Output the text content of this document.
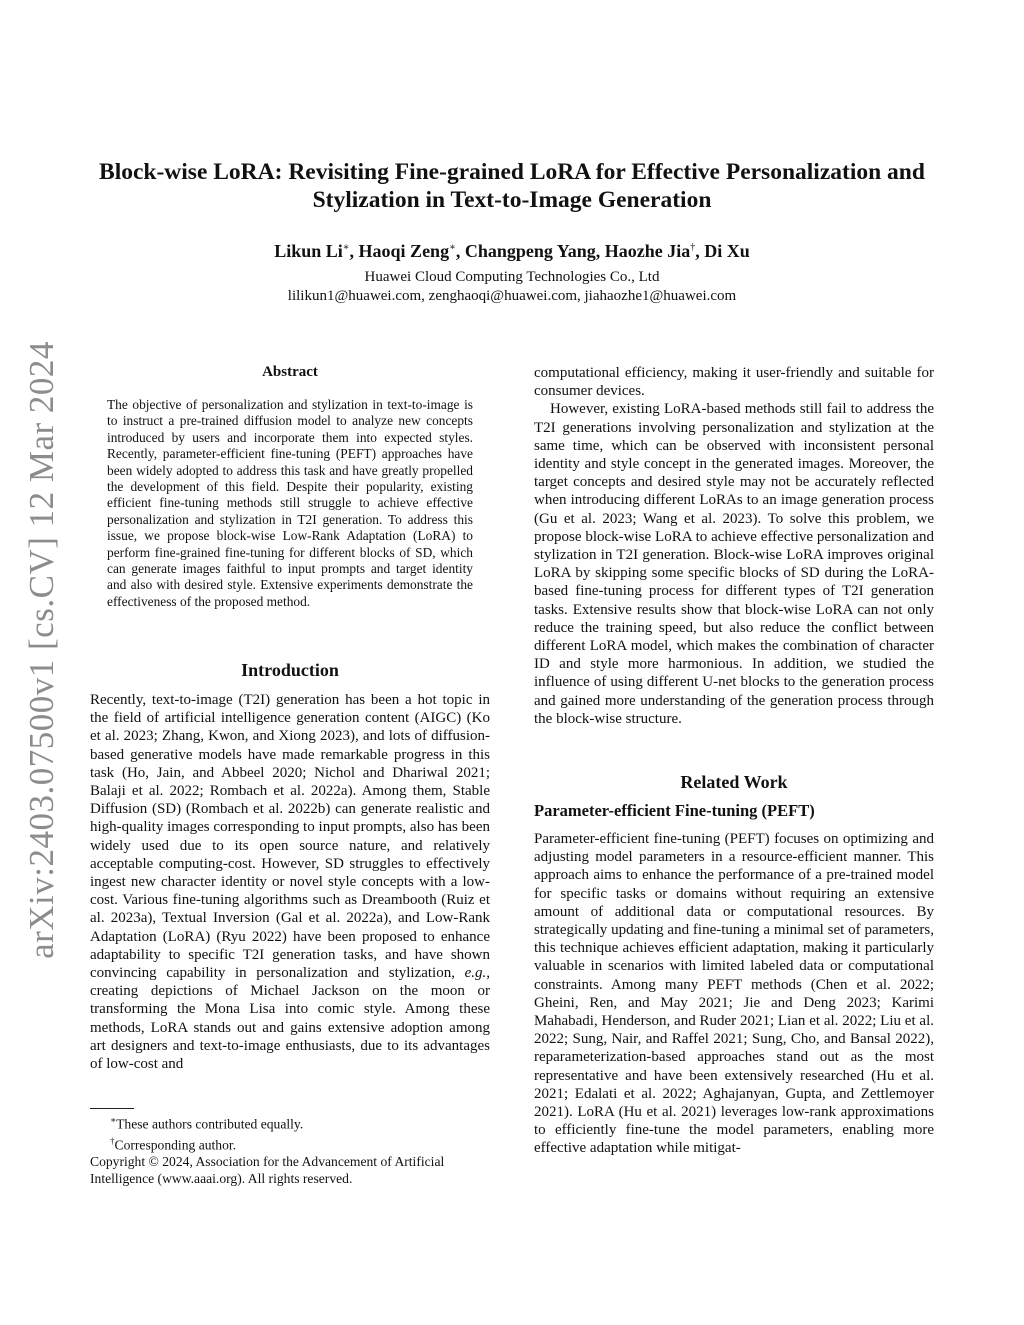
arXiv:2403.07500v1 [cs.CV] 12 Mar 2024
Block-wise LoRA: Revisiting Fine-grained LoRA for Effective Personalization and Stylization in Text-to-Image Generation
Likun Li∗, Haoqi Zeng∗, Changpeng Yang, Haozhe Jia†, Di Xu
Huawei Cloud Computing Technologies Co., Ltd
lilikun1@huawei.com, zenghaoqi@huawei.com, jiahaozhe1@huawei.com
Abstract
The objective of personalization and stylization in text-to-image is to instruct a pre-trained diffusion model to analyze new concepts introduced by users and incorporate them into expected styles. Recently, parameter-efficient fine-tuning (PEFT) approaches have been widely adopted to address this task and have greatly propelled the development of this field. Despite their popularity, existing efficient fine-tuning methods still struggle to achieve effective personalization and stylization in T2I generation. To address this issue, we propose block-wise Low-Rank Adaptation (LoRA) to perform fine-grained fine-tuning for different blocks of SD, which can generate images faithful to input prompts and target identity and also with desired style. Extensive experiments demonstrate the effectiveness of the proposed method.
Introduction

Recently, text-to-image (T2I) generation has been a hot topic in the field of artificial intelligence generation content (AIGC) (Ko et al. 2023; Zhang, Kwon, and Xiong 2023), and lots of diffusion-based generative models have made remarkable progress in this task (Ho, Jain, and Abbeel 2020; Nichol and Dhariwal 2021; Balaji et al. 2022; Rombach et al. 2022a). Among them, Stable Diffusion (SD) (Rombach et al. 2022b) can generate realistic and high-quality images corresponding to input prompts, also has been widely used due to its open source nature, and relatively acceptable computing-cost. However, SD struggles to effectively ingest new character identity or novel style concepts with a low-cost. Various fine-tuning algorithms such as Dreambooth (Ruiz et al. 2023a), Textual Inversion (Gal et al. 2022a), and Low-Rank Adaptation (LoRA) (Ryu 2022) have been proposed to enhance adaptability to specific T2I generation tasks, and have shown convincing capability in personalization and stylization, e.g., creating depictions of Michael Jackson on the moon or transforming the Mona Lisa into comic style. Among these methods, LoRA stands out and gains extensive adoption among art designers and text-to-image enthusiasts, due to its advantages of low-cost and

∗These authors contributed equally.
†Corresponding author.
Copyright © 2024, Association for the Advancement of Artificial Intelligence (www.aaai.org). All rights reserved.

computational efficiency, making it user-friendly and suitable for consumer devices.

However, existing LoRA-based methods still fail to address the T2I generations involving personalization and stylization at the same time, which can be observed with inconsistent personal identity and style concept in the generated images. Moreover, the target concepts and desired style may not be accurately reflected when introducing different LoRAs to an image generation process (Gu et al. 2023; Wang et al. 2023). To solve this problem, we propose block-wise LoRA to achieve effective personalization and stylization in T2I generation. Block-wise LoRA improves original LoRA by skipping some specific blocks of SD during the LoRA-based fine-tuning process for different types of T2I generation tasks. Extensive results show that block-wise LoRA can not only reduce the training speed, but also reduce the conflict between different LoRA model, which makes the combination of character ID and style more harmonious. In addition, we studied the influence of using different U-net blocks to the generation process and gained more understanding of the generation process through the block-wise structure.

Related Work
Parameter-efficient Fine-tuning (PEFT)

Parameter-efficient fine-tuning (PEFT) focuses on optimizing and adjusting model parameters in a resource-efficient manner. This approach aims to enhance the performance of a pre-trained model for specific tasks or domains without requiring an extensive amount of additional data or computational resources. By strategically updating and fine-tuning a minimal set of parameters, this technique achieves efficient adaptation, making it particularly valuable in scenarios with limited labeled data or computational constraints. Among many PEFT methods (Chen et al. 2022; Gheini, Ren, and May 2021; Jie and Deng 2023; Karimi Mahabadi, Henderson, and Ruder 2021; Lian et al. 2022; Liu et al. 2022; Sung, Nair, and Raffel 2021; Sung, Cho, and Bansal 2022), reparameterization-based approaches stand out as the most representative and have been extensively researched (Hu et al. 2021; Edalati et al. 2022; Aghajanyan, Gupta, and Zettlemoyer 2021). LoRA (Hu et al. 2021) leverages low-rank approximations to efficiently fine-tune the model parameters, enabling more effective adaptation while mitigat-
